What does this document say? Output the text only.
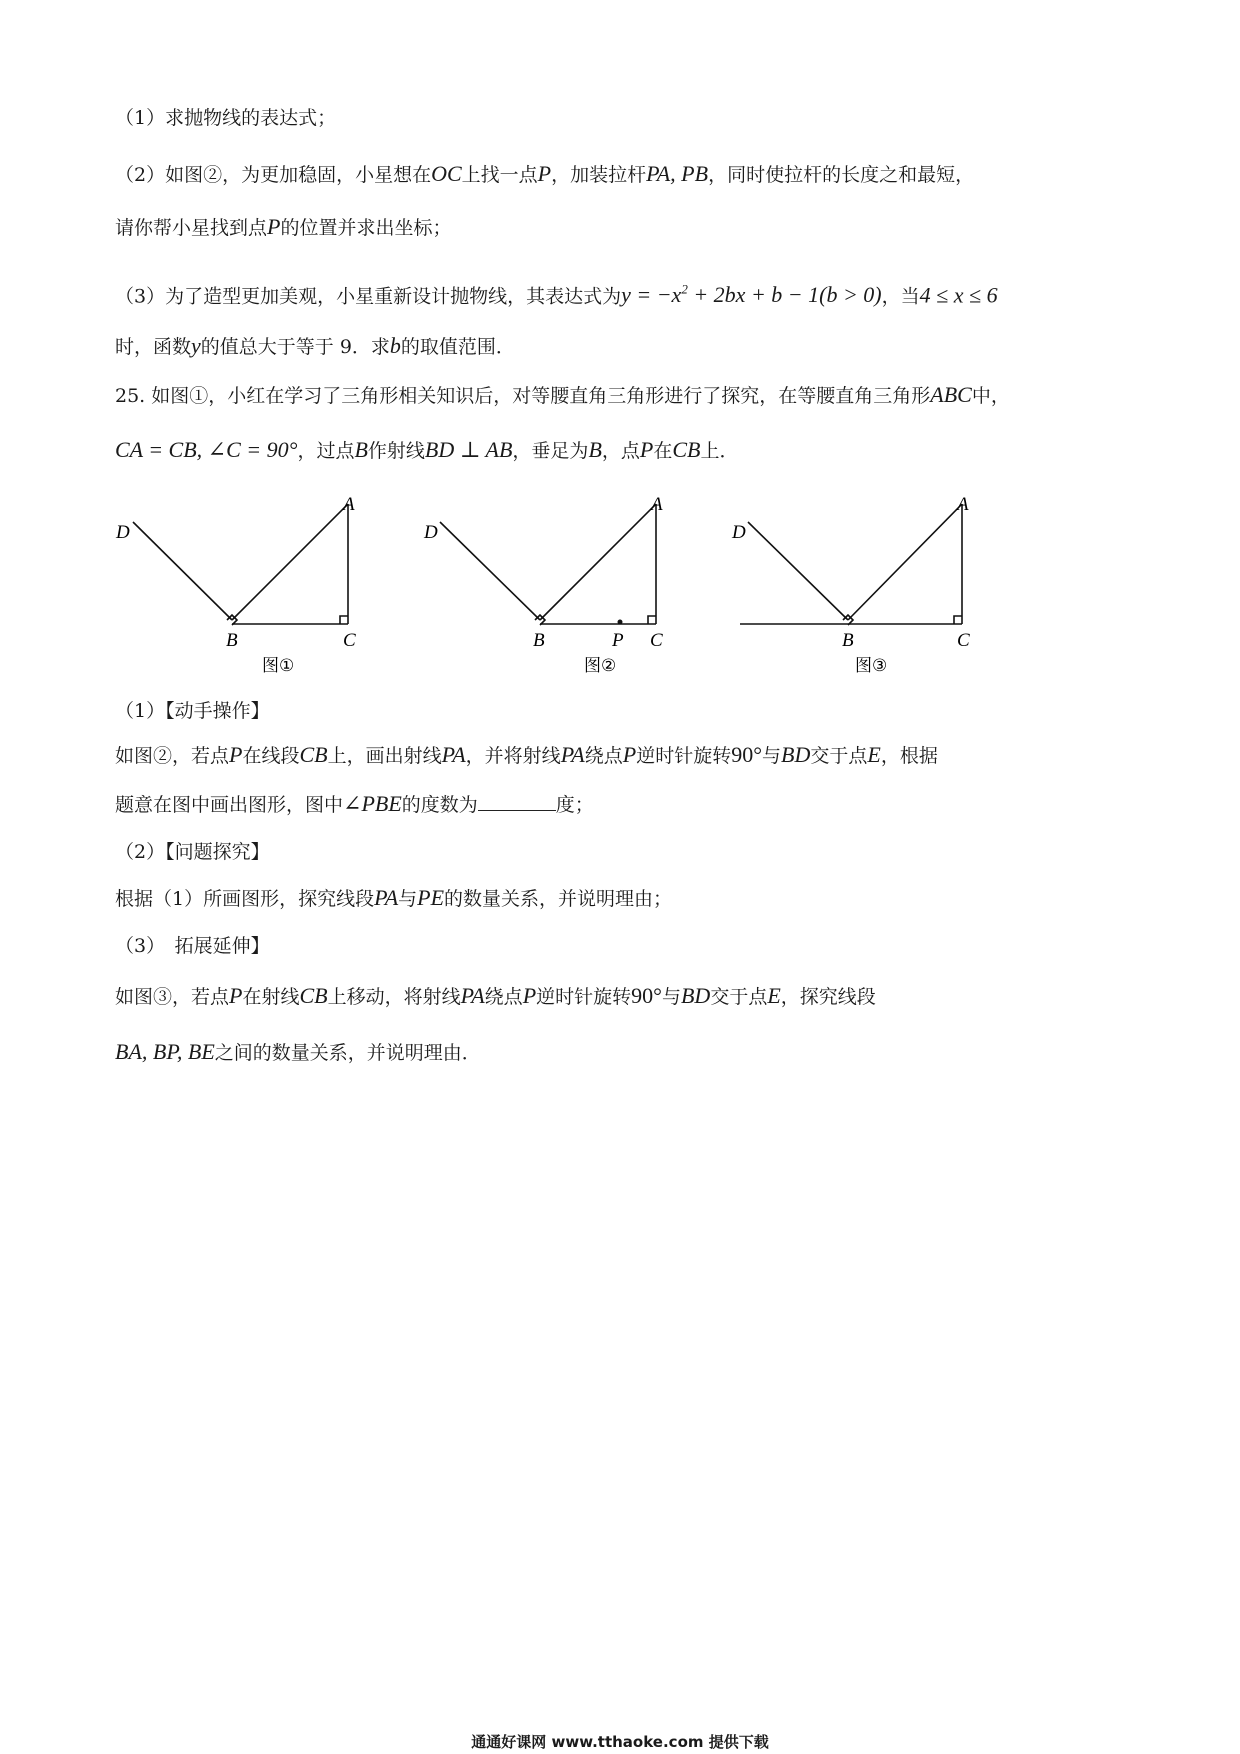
（1）求抛物线的表达式；
（2）如图②，为更加稳固，小星想在OC上找一点P，加装拉杆PA, PB，同时使拉杆的长度之和最短，
请你帮小星找到点P的位置并求出坐标；
（3）为了造型更加美观，小星重新设计抛物线，其表达式为$y = -x^2 + 2bx + b - 1(b > 0)$，当4 ≤ x ≤ 6
时，函数y的值总大于等于 9．求b的取值范围．
25. 如图①，小红在学习了三角形相关知识后，对等腰直角三角形进行了探究，在等腰直角三角形ABC中，
CA = CB, ∠C = 90°，过点B作射线BD ⊥ AB，垂足为B，点P在CB上．
D
A
B	C
图①
D
A
B	P C
图②
D
A
B	C
图③
（1）【动手操作】
如图②，若点P在线段CB上，画出射线PA，并将射线PA绕点P逆时针旋转90°与BD交于点E，根据
题意在图中画出图形，图中∠PBE的度数为	度；
（2）【问题探究】
根据（1）所画图形，探究线段PA与PE的数量关系，并说明理由；
（3）　拓展延伸】
如图③，若点P在射线CB上移动，将射线PA绕点P逆时针旋转90°与BD交于点E，探究线段
BA, BP, BE之间的数量关系，并说明理由．
通通好课网 www.tthaoke.com 提供下载
